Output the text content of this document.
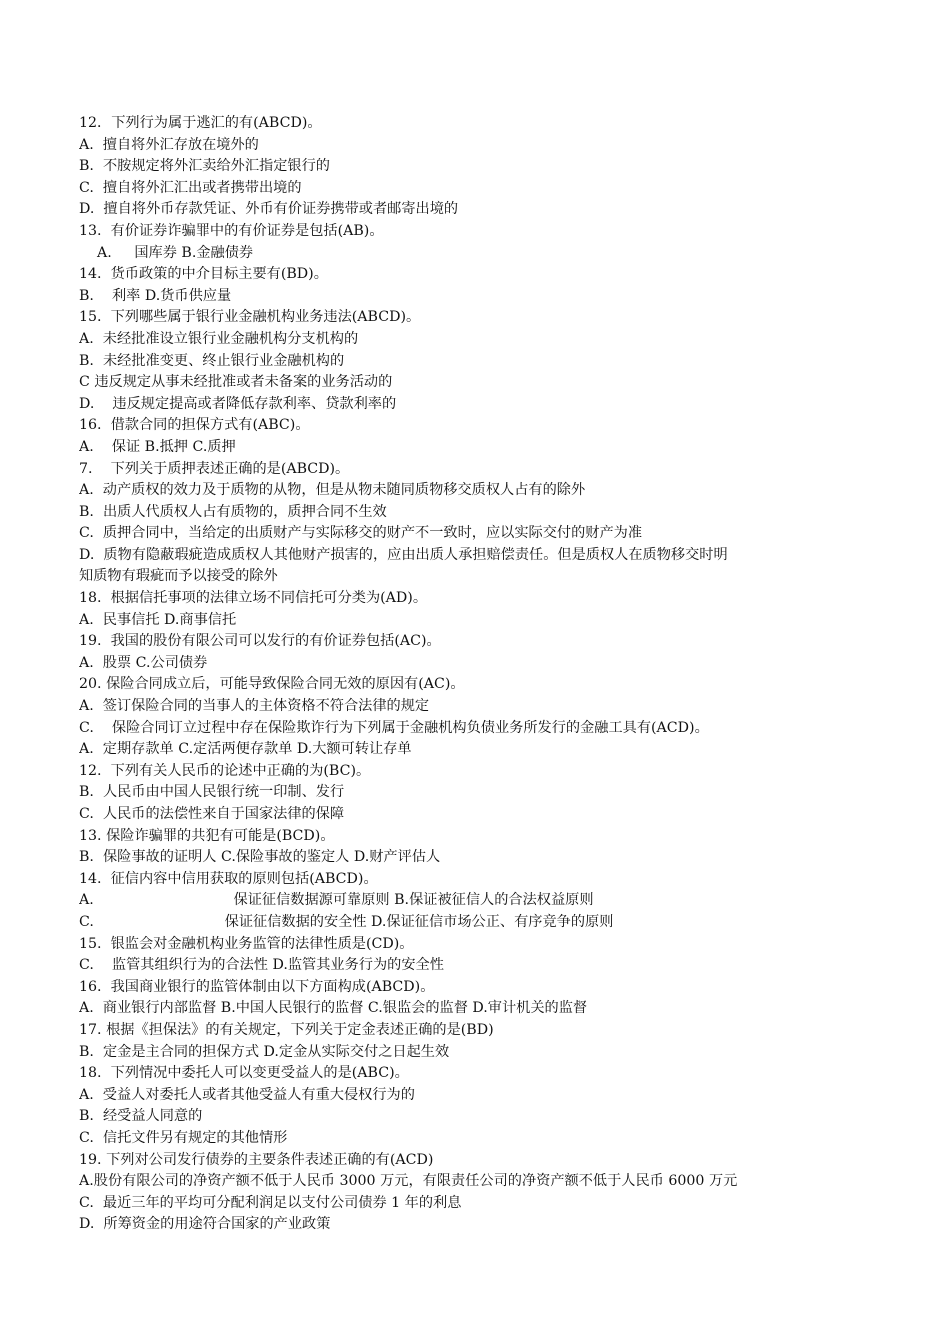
12．下列行为属于逃汇的有(ABCD)。
A.  擅自将外汇存放在境外的
B.  不胺规定将外汇卖给外汇指定银行的
C.  擅自将外汇汇出或者携带出境的
D.  擅自将外币存款凭证、外币有价证券携带或者邮寄出境的
13.  有价证券诈骗罪中的有价证券是包括(AB)。
A.     国库券 B.金融债券
14.  货币政策的中介目标主要有(BD)。
B.    利率 D.货币供应量
15.  下列哪些属于银行业金融机构业务违法(ABCD)。
A.  未经批准设立银行业金融机构分支机构的
B.  未经批准变更、终止银行业金融机构的
C 违反规定从事未经批准或者未备案的业务活动的
D.    违反规定提高或者降低存款利率、贷款利率的
16.  借款合同的担保方式有(ABC)。
A.    保证 B.抵押 C.质押
7.    下列关于质押表述正确的是(ABCD)。
A.  动产质权的效力及于质物的从物，但是从物未随同质物移交质权人占有的除外
B.  出质人代质权人占有质物的，质押合同不生效
C.  质押合同中，当给定的出质财产与实际移交的财产不一致时，应以实际交付的财产为准
D.  质物有隐蔽瑕疵造成质权人其他财产损害的，应由出质人承担赔偿责任。但是质权人在质物移交时明
知质物有瑕疵而予以接受的除外
18.  根据信托事项的法律立场不同信托可分类为(AD)。
A.  民事信托 D.商事信托
19.  我国的股份有限公司可以发行的有价证券包括(AC)。
A.  股票 C.公司债券
20. 保险合同成立后，可能导致保险合同无效的原因有(AC)。
A.  签订保险合同的当事人的主体资格不符合法律的规定
C.    保险合同订立过程中存在保险欺诈行为下列属于金融机构负债业务所发行的金融工具有(ACD)。
A.  定期存款单 C.定活两便存款单 D.大额可转让存单
12.  下列有关人民币的论述中正确的为(BC)。
B.  人民币由中国人民银行统一印制、发行
C.  人民币的法偿性来自于国家法律的保障
13. 保险诈骗罪的共犯有可能是(BCD)。
B.  保险事故的证明人 C.保险事故的鉴定人 D.财产评估人
14.  征信内容中信用获取的原则包括(ABCD)。
A.                               保证征信数据源可靠原则 B.保证被征信人的合法权益原则
C.                             保证征信数据的安全性 D.保证征信市场公正、有序竞争的原则
15.  银监会对金融机构业务监管的法律性质是(CD)。
C.    监管其组织行为的合法性 D.监管其业务行为的安全性
16.  我国商业银行的监管体制由以下方面构成(ABCD)。
A.  商业银行内部监督 B.中国人民银行的监督 C.银监会的监督 D.审计机关的监督
17. 根据《担保法》的有关规定，下列关于定金表述正确的是(BD)
B.  定金是主合同的担保方式 D.定金从实际交付之日起生效
18.  下列情况中委托人可以变更受益人的是(ABC)。
A.  受益人对委托人或者其他受益人有重大侵权行为的
B.  经受益人同意的
C.  信托文件另有规定的其他情形
19. 下列对公司发行债券的主要条件表述正确的有(ACD)
A.股份有限公司的净资产额不低于人民币 3000 万元，有限责任公司的净资产额不低于人民币 6000 万元
C.  最近三年的平均可分配利润足以支付公司债券 1 年的利息
D.  所筹资金的用途符合国家的产业政策
